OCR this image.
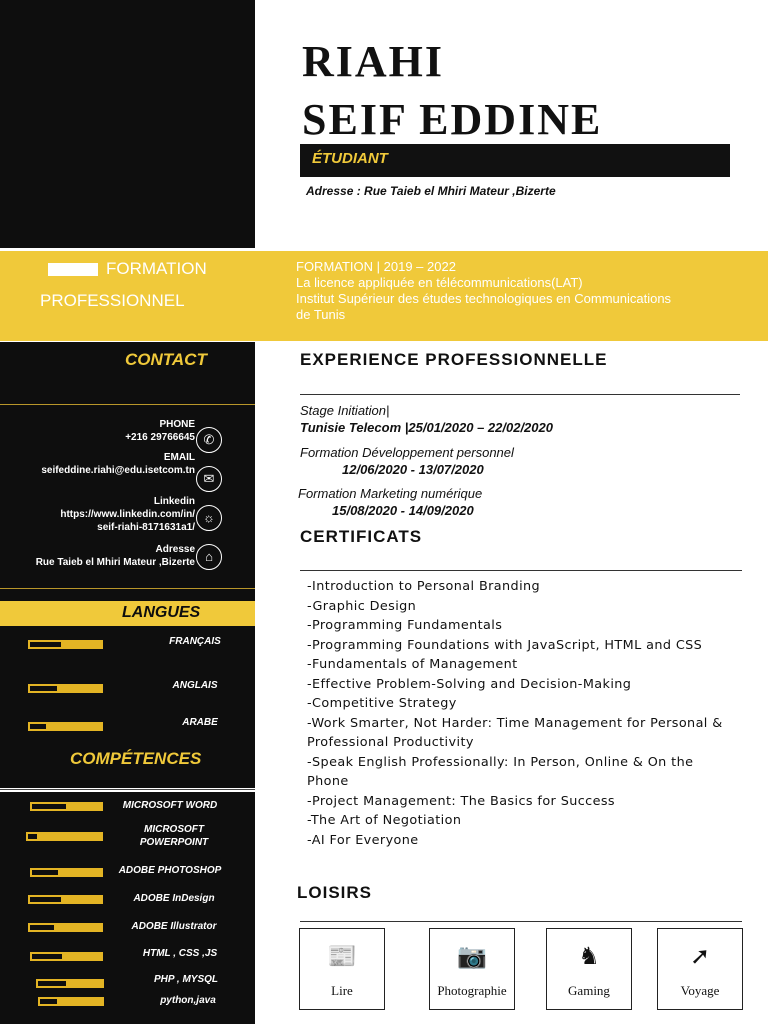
RIAHI
SEIF EDDINE
ÉTUDIANT
Adresse : Rue Taieb el Mhiri Mateur ,Bizerte
FORMATION
PROFESSIONNEL
FORMATION | 2019 – 2022
La licence appliquée en télécommunications(LAT)
Institut Supérieur des études technologiques en Communications
de Tunis
CONTACT
PHONE
+216 29766645 ✆
EMAIL
seifeddine.riahi@edu.isetcom.tn
✉
Linkedin
https://www.linkedin.com/in/
seif-riahi-8171631a1/
☼
Adresse
Rue Taieb el Mhiri Mateur ,Bizerte ⌂
LANGUES
FRANÇAIS
ANGLAIS
ARABE
COMPÉTENCES
MICROSOFT WORD
MICROSOFT
POWERPOINT
ADOBE PHOTOSHOP
ADOBE InDesign
ADOBE Illustrator
HTML , CSS ,JS
PHP , MYSQL
python,java
EXPERIENCE PROFESSIONNELLE
Stage Initiation|
Tunisie Telecom |25/01/2020 – 22/02/2020
Formation Développement personnel
12/06/2020 - 13/07/2020
Formation Marketing numérique
15/08/2020 - 14/09/2020
CERTIFICATS
-Introduction to Personal Branding
-Graphic Design
-Programming Fundamentals
-Programming Foundations with JavaScript, HTML and CSS
-Fundamentals of Management
-Effective Problem-Solving and Decision-Making
-Competitive Strategy
-Work Smarter, Not Harder: Time Management for Personal & Professional Productivity
-Speak English Professionally: In Person, Online & On the Phone
-Project Management: The Basics for Success
-The Art of Negotiation
-AI For Everyone
LOISIRS
📰
Lire
📷
Photographie
♞
Gaming
➚
Voyage
